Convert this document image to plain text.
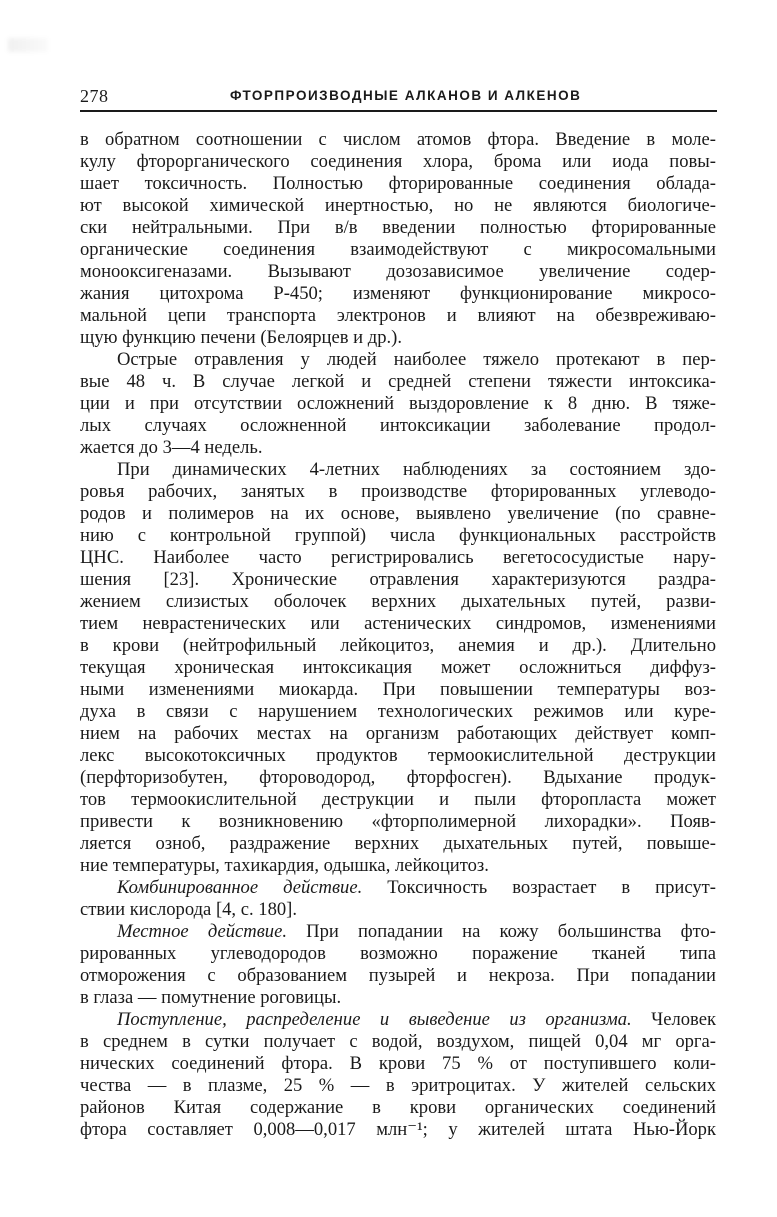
278	ФТОРПРОИЗВОДНЫЕ АЛКАНОВ И АЛКЕНОВ
в обратном соотношении с числом атомов фтора. Введение в моле-
кулу фторорганического соединения хлора, брома или иода повы-
шает токсичность. Полностью фторированные соединения облада-
ют высокой химической инертностью, но не являются биологиче-
ски нейтральными. При в/в введении полностью фторированные
органические соединения взаимодействуют с микросомальными
монооксигеназами. Вызывают дозозависимое увеличение содер-
жания цитохрома Р-450; изменяют функционирование микросо-
мальной цепи транспорта электронов и влияют на обезвреживаю-
щую функцию печени (Белоярцев и др.).
Острые отравления у людей наиболее тяжело протекают в пер-
вые 48 ч. В случае легкой и средней степени тяжести интоксика-
ции и при отсутствии осложнений выздоровление к 8 дню. В тяже-
лых случаях осложненной интоксикации заболевание продол-
жается до 3—4 недель.
При динамических 4-летних наблюдениях за состоянием здо-
ровья рабочих, занятых в производстве фторированных углеводо-
родов и полимеров на их основе, выявлено увеличение (по сравне-
нию с контрольной группой) числа функциональных расстройств
ЦНС. Наиболее часто регистрировались вегетососудистые нару-
шения [23]. Хронические отравления характеризуются раздра-
жением слизистых оболочек верхних дыхательных путей, разви-
тием неврастенических или астенических синдромов, изменениями
в крови (нейтрофильный лейкоцитоз, анемия и др.). Длительно
текущая хроническая интоксикация может осложниться диффуз-
ными изменениями миокарда. При повышении температуры воз-
духа в связи с нарушением технологических режимов или куре-
нием на рабочих местах на организм работающих действует комп-
лекс высокотоксичных продуктов термоокислительной деструкции
(перфторизобутен, фтороводород, фторфосген). Вдыхание продук-
тов термоокислительной деструкции и пыли фторопласта может
привести к возникновению «фторполимерной лихорадки». Появ-
ляется озноб, раздражение верхних дыхательных путей, повыше-
ние температуры, тахикардия, одышка, лейкоцитоз.
Комбинированное действие. Токсичность возрастает в присут-
ствии кислорода [4, с. 180].
Местное действие. При попадании на кожу большинства фто-
рированных углеводородов возможно поражение тканей типа
отморожения с образованием пузырей и некроза. При попадании
в глаза — помутнение роговицы.
Поступление, распределение и выведение из организма. Человек
в среднем в сутки получает с водой, воздухом, пищей 0,04 мг орга-
нических соединений фтора. В крови 75 % от поступившего коли-
чества — в плазме, 25 % — в эритроцитах. У жителей сельских
районов Китая содержание в крови органических соединений
фтора составляет 0,008—0,017 млн⁻¹; у жителей штата Нью-Йорк
